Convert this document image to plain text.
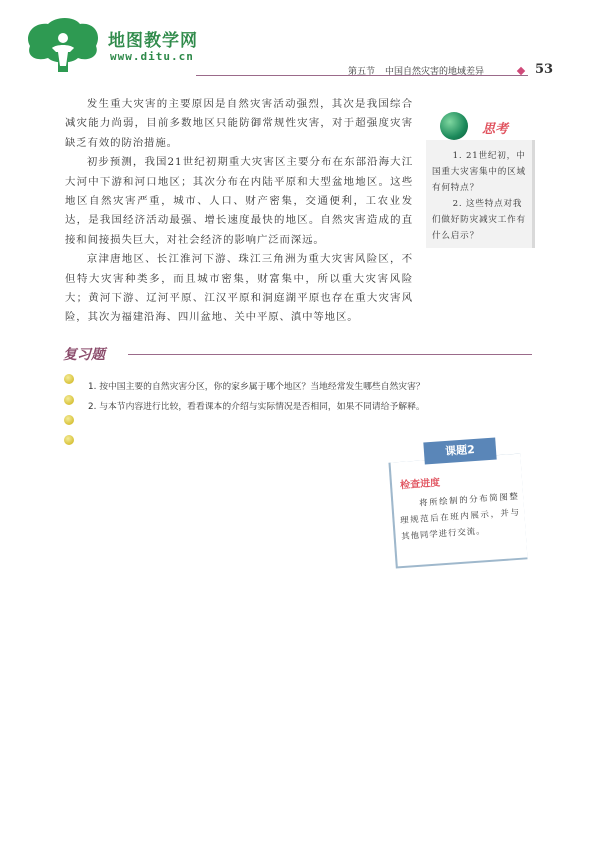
地图教学网
www.ditu.cn
第五节 中国自然灾害的地域差异	53

发生重大灾害的主要原因是自然灾害活动强烈，其次是我国综合减灾能力尚弱，目前多数地区只能防御常规性灾害，对于超强度灾害缺乏有效的防治措施。

初步预测，我国21世纪初期重大灾害区主要分布在东部沿海大江大河中下游和河口地区；其次分布在内陆平原和大型盆地地区。这些地区自然灾害严重，城市、人口、财产密集，交通便利，工农业发达，是我国经济活动最强、增长速度最快的地区。自然灾害造成的直接和间接损失巨大，对社会经济的影响广泛而深远。

京津唐地区、长江淮河下游、珠江三角洲为重大灾害风险区，不但特大灾害种类多，而且城市密集，财富集中，所以重大灾害风险大；黄河下游、辽河平原、江汉平原和洞庭湖平原也存在重大灾害风险，其次为福建沿海、四川盆地、关中平原、滇中等地区。

思考

1. 21世纪初，中国重大灾害集中的区域有何特点？

2. 这些特点对我们做好防灾减灾工作有什么启示？

复习题
1. 按中国主要的自然灾害分区，你的家乡属于哪个地区？当地经常发生哪些自然灾害？
2. 与本节内容进行比较，看看课本的介绍与实际情况是否相同，如果不同请给予解释。
课题2
检查进度
将所绘制的分布简图整理规范后在班内展示，并与其他同学进行交流。
